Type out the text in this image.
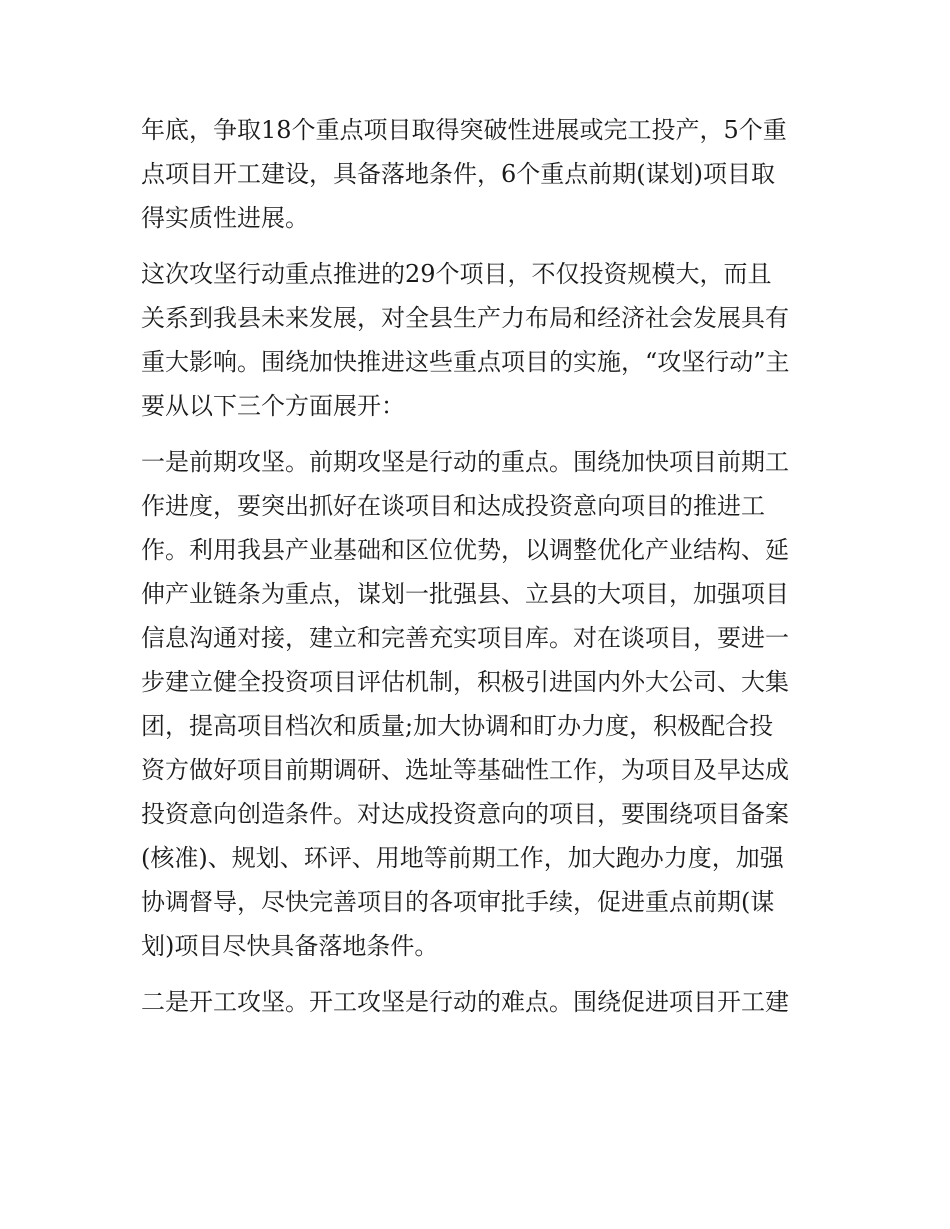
年底，争取18个重点项目取得突破性进展或完工投产，5个重
点项目开工建设，具备落地条件，6个重点前期(谋划)项目取
得实质性进展。
这次攻坚行动重点推进的29个项目，不仅投资规模大，而且
关系到我县未来发展，对全县生产力布局和经济社会发展具有
重大影响。围绕加快推进这些重点项目的实施，“攻坚行动”主
要从以下三个方面展开：
一是前期攻坚。前期攻坚是行动的重点。围绕加快项目前期工
作进度，要突出抓好在谈项目和达成投资意向项目的推进工
作。利用我县产业基础和区位优势，以调整优化产业结构、延
伸产业链条为重点，谋划一批强县、立县的大项目，加强项目
信息沟通对接，建立和完善充实项目库。对在谈项目，要进一
步建立健全投资项目评估机制，积极引进国内外大公司、大集
团，提高项目档次和质量;加大协调和盯办力度，积极配合投
资方做好项目前期调研、选址等基础性工作，为项目及早达成
投资意向创造条件。对达成投资意向的项目，要围绕项目备案
(核准)、规划、环评、用地等前期工作，加大跑办力度，加强
协调督导，尽快完善项目的各项审批手续，促进重点前期(谋
划)项目尽快具备落地条件。
二是开工攻坚。开工攻坚是行动的难点。围绕促进项目开工建
